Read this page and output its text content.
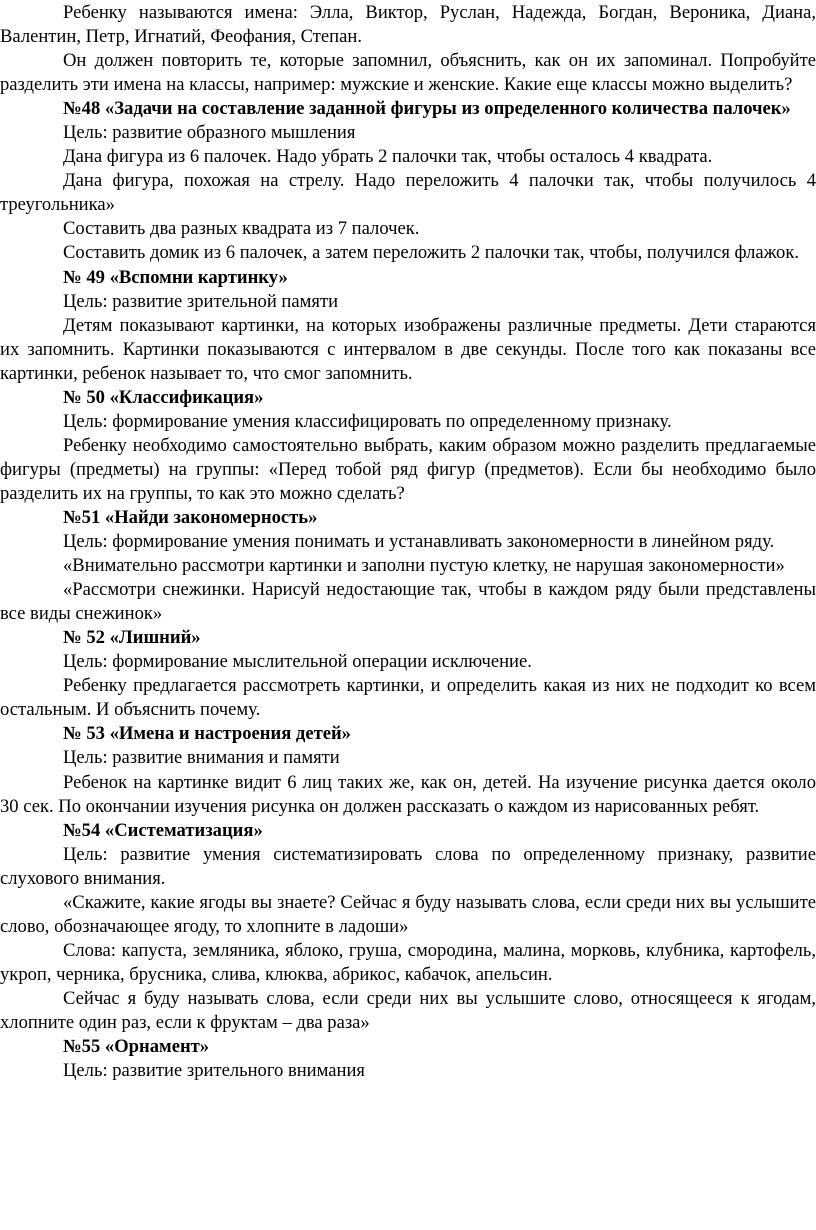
Ребенку называются имена: Элла, Виктор, Руслан, Надежда, Богдан, Вероника, Диана, Валентин, Петр, Игнатий, Феофания, Степан.

Он должен повторить те, которые запомнил, объяснить, как он их запоминал. Попробуйте разделить эти имена на классы, например: мужские и женские. Какие еще классы можно выделить?

№48 «Задачи на составление заданной фигуры из определенного количества палочек»

Цель: развитие образного мышления

Дана фигура из 6 палочек. Надо убрать 2 палочки так, чтобы осталось 4 квадрата.

Дана фигура, похожая на стрелу. Надо переложить 4 палочки так, чтобы получилось 4 треугольника»

Составить два разных квадрата из 7 палочек.

Составить домик из 6 палочек, а затем переложить 2 палочки так, чтобы, получился флажок.

№ 49 «Вспомни картинку»

Цель: развитие зрительной памяти

Детям показывают картинки, на которых изображены различные предметы. Дети стараются их запомнить. Картинки показываются с интервалом в две секунды. После того как показаны все картинки, ребенок называет то, что смог запомнить.

№ 50 «Классификация»

Цель: формирование умения классифицировать по определенному признаку.

Ребенку необходимо самостоятельно выбрать, каким образом можно разделить предлагаемые фигуры (предметы) на группы: «Перед тобой ряд фигур (предметов). Если бы необходимо было разделить их на группы, то как это можно сделать?

№51 «Найди закономерность»

Цель: формирование умения понимать и устанавливать закономерности в линейном ряду.

«Внимательно рассмотри картинки и заполни пустую клетку, не нарушая закономерности»

«Рассмотри снежинки. Нарисуй недостающие так, чтобы в каждом ряду были представлены все виды снежинок»

№ 52 «Лишний»

Цель: формирование мыслительной операции исключение.

Ребенку предлагается рассмотреть картинки, и определить какая из них не подходит ко всем остальным. И объяснить почему.

№ 53 «Имена и настроения детей»

Цель: развитие внимания и памяти

Ребенок на картинке видит 6 лиц таких же, как он, детей. На изучение рисунка дается около 30 сек. По окончании изучения рисунка он должен рассказать о каждом из нарисованных ребят.

№54 «Систематизация»

Цель: развитие умения систематизировать слова по определенному признаку, развитие слухового внимания.

«Скажите, какие ягоды вы знаете? Сейчас я буду называть слова, если среди них вы услышите слово, обозначающее ягоду, то хлопните в ладоши»

Слова: капуста, земляника, яблоко, груша, смородина, малина, морковь, клубника, картофель, укроп, черника, брусника, слива, клюква, абрикос, кабачок, апельсин.

Сейчас я буду называть слова, если среди них вы услышите слово, относящееся к ягодам, хлопните один раз, если к фруктам – два раза»

№55 «Орнамент»

Цель: развитие зрительного внимания
